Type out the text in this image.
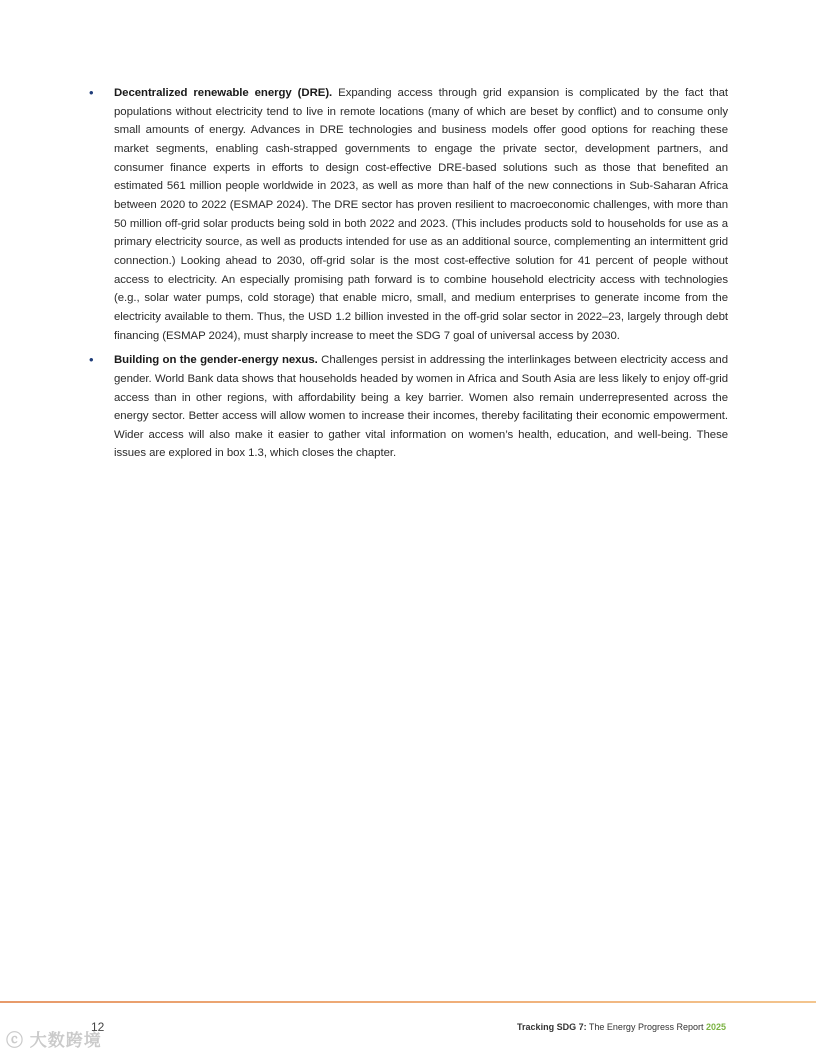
• Decentralized renewable energy (DRE). Expanding access through grid expansion is complicated by the fact that populations without electricity tend to live in remote locations (many of which are beset by conflict) and to consume only small amounts of energy. Advances in DRE technologies and business models offer good options for reaching these market segments, enabling cash-strapped governments to engage the private sector, development partners, and consumer finance experts in efforts to design cost-effective DRE-based solutions such as those that benefited an estimated 561 million people worldwide in 2023, as well as more than half of the new connections in Sub-Saharan Africa between 2020 to 2022 (ESMAP 2024). The DRE sector has proven resilient to macroeconomic challenges, with more than 50 million off-grid solar products being sold in both 2022 and 2023. (This includes products sold to households for use as a primary electricity source, as well as products intended for use as an additional source, complementing an intermittent grid connection.) Looking ahead to 2030, off-grid solar is the most cost-effective solution for 41 percent of people without access to electricity. An especially promising path forward is to combine household electricity access with technologies (e.g., solar water pumps, cold storage) that enable micro, small, and medium enterprises to generate income from the electricity available to them. Thus, the USD 1.2 billion invested in the off-grid solar sector in 2022–23, largely through debt financing (ESMAP 2024), must sharply increase to meet the SDG 7 goal of universal access by 2030.
• Building on the gender-energy nexus. Challenges persist in addressing the interlinkages between electricity access and gender. World Bank data shows that households headed by women in Africa and South Asia are less likely to enjoy off-grid access than in other regions, with affordability being a key barrier. Women also remain underrepresented across the energy sector. Better access will allow women to increase their incomes, thereby facilitating their economic empowerment. Wider access will also make it easier to gather vital information on women’s health, education, and well-being. These issues are explored in box 1.3, which closes the chapter.
ⓒ 大数跨境
12	Tracking SDG 7: The Energy Progress Report 2025
